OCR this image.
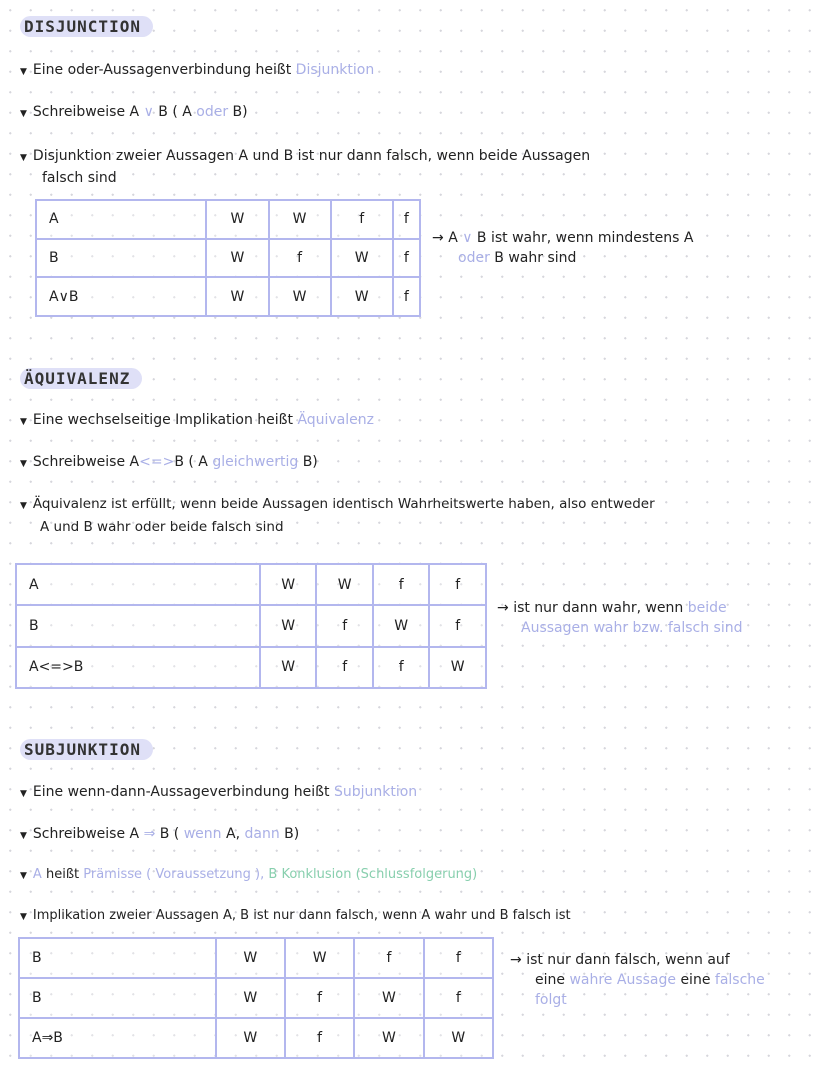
DISJUNCTION
▼ Eine oder-Aussagenverbindung heißt Disjunktion
▼ Schreibweise A ∨ B ( A oder B)
▼ Disjunktion zweier Aussagen A und B ist nur dann falsch, wenn beide Aussagen
falsch sind
A	W	W	f	f
B	W	f	W	f
A∨B	W	W	W	f
→ A ∨ B ist wahr, wenn mindestens A
oder B wahr sind
ÄQUIVALENZ
▼ Eine wechselseitige Implikation heißt Äquivalenz
▼ Schreibweise A<=>B ( A gleichwertig B)
▼ Äquivalenz ist erfüllt, wenn beide Aussagen identisch Wahrheitswerte haben, also entweder
A und B wahr oder beide falsch sind
A	W	W	f	f
B	W	f	W	f
A<=>B	W	f	f	W
→ ist nur dann wahr, wenn beide
Aussagen wahr bzw. falsch sind
SUBJUNKTION
▼ Eine wenn-dann-Aussageverbindung heißt Subjunktion
▼ Schreibweise A ⇒ B ( wenn A, dann B)
▼ A heißt Prämisse ( Voraussetzung ), B Konklusion (Schlussfolgerung)
▼ Implikation zweier Aussagen A, B ist nur dann falsch, wenn A wahr und B falsch ist
B	W	W	f	f
B	W	f	W	f
A⇒B	W	f	W	W
→ ist nur dann falsch, wenn auf
eine wahre Aussage eine falsche
folgt
